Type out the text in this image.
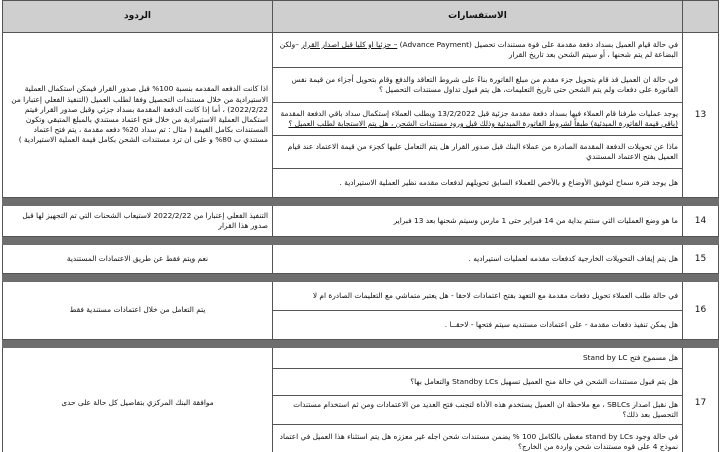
	الاستفسارات	الردود
13	في حالة قيام العميل بسداد دفعة مقدمة على قوة مستندات تحصيل (Advance Payment) – جزئيا او كليا قبل اصدار القرار –ولكن البضاعة لم يتم شحنها ، أو سيتم الشحن بعد تاريخ القرار	اذا كانت الدفعه المقدمه بنسبة 100% قبل صدور القرار فيمكن استكمال العملية الاستيرادية من خلال مستندات التحصيل وفقا لطلب العميل (التنفيذ الفعلي إعتبارا من 2022/2/22) ، أما إذا كانت الدفعة المقدمة بسداد جزئي وقبل صدور القرار فيتم استكمال العملية الاستيرادية من خلال فتح اعتماد مستندي بالمبلغ المتبقي وتكون المستندات بكامل القيمة ( مثال : تم سداد 20% دفعه مقدمة ، يتم فتح اعتماد مستندي ب 80% و على ان ترد مستندات الشحن بكامل قيمة العملية الاستيرادية )
	في حالة ان العميل قد قام بتحويل جزء مقدم من مبلغ الفاتورة بناءً على شروط التعاقد والدفع وقام بتحويل أجزاء من قيمة نفس الفاتورة على دفعات ولم يتم الشحن حتى تاريخ التعليمات، هل يتم قبول تداول مستندات التحصيل ؟	
	يوجد عمليات طرفنا قام العملاء فيها بسداد دفعة مقدمة جزئية قبل 13/2/2022 ويطلب العملاء إستكمال سداد باقي الدفعة المقدمة (باقي قيمة الفاتورة المبدئية) طبقاً لشروط الفاتورة المبدئية وذلك قبل ورود مستندات الشحن ، هل يتم الاستجابة لطلب العميل ؟	
	ماذا عن تحويلات الدفعة المقدمة الصادرة من عملاء البنك قبل صدور القرار هل يتم التعامل عليها كجزء من قيمة الاعتماد عند قيام العميل بفتح الاعتماد المستندي	
	هل يوجد فترة سماح لتوفيق الأوضاع و بالأخص للعملاء السابق تحويلهم لدفعات مقدمه نظير العملية الاستيرادية .	

14	ما هو وضع العمليات التي ستتم بداية من 14 فبراير حتى 1 مارس وسيتم شحنها بعد 13 فبراير	التنفيذ الفعلي إعتبارا من 2022/2/22 لاستيعاب الشحنات التي تم التجهيز لها قبل صدور هذا القرار

15	هل يتم إيقاف التحويلات الخارجية كدفعات مقدمه لعمليات استيراديه .	نعم ويتم فقط عن طريق الاعتمادات المستندية

16	في حالة طلب العملاء تحويل دفعات مقدمة مع التعهد بفتح اعتمادات لاحقا - هل يعتبر متماشي مع التعليمات الصادرة ام لا	يتم التعامل من خلال اعتمادات مستندية فقط
	هل يمكن تنفيذ دفعات مقدمة - على اعتمادات مستنديه سيتم فتحها - لاحقــا .	

17	هل مسموح فتح Stand by LC	موافقة البنك المركزي بتفاصيل كل حالة على حدى
	هل يتم قبول مستندات الشحن في حالة منح العميل تسهيل Standby LCs والتعامل بها؟	
	هل نقبل اصدار SBLCs ، مع ملاحظة ان العميل يستخدم هذه الأداة لتجنب فتح العديد من الاعتمادات ومن ثم استخدام مستندات التحصيل بعد ذلك؟	
	في حالة وجود stand by LCs مغطى بالكامل 100 % يضمن مستندات شحن اجله غير معززه هل يتم استثناء هذا العميل في اعتماد نموذج 4 على قوه مستندات شحن واردة من الخارج؟	
